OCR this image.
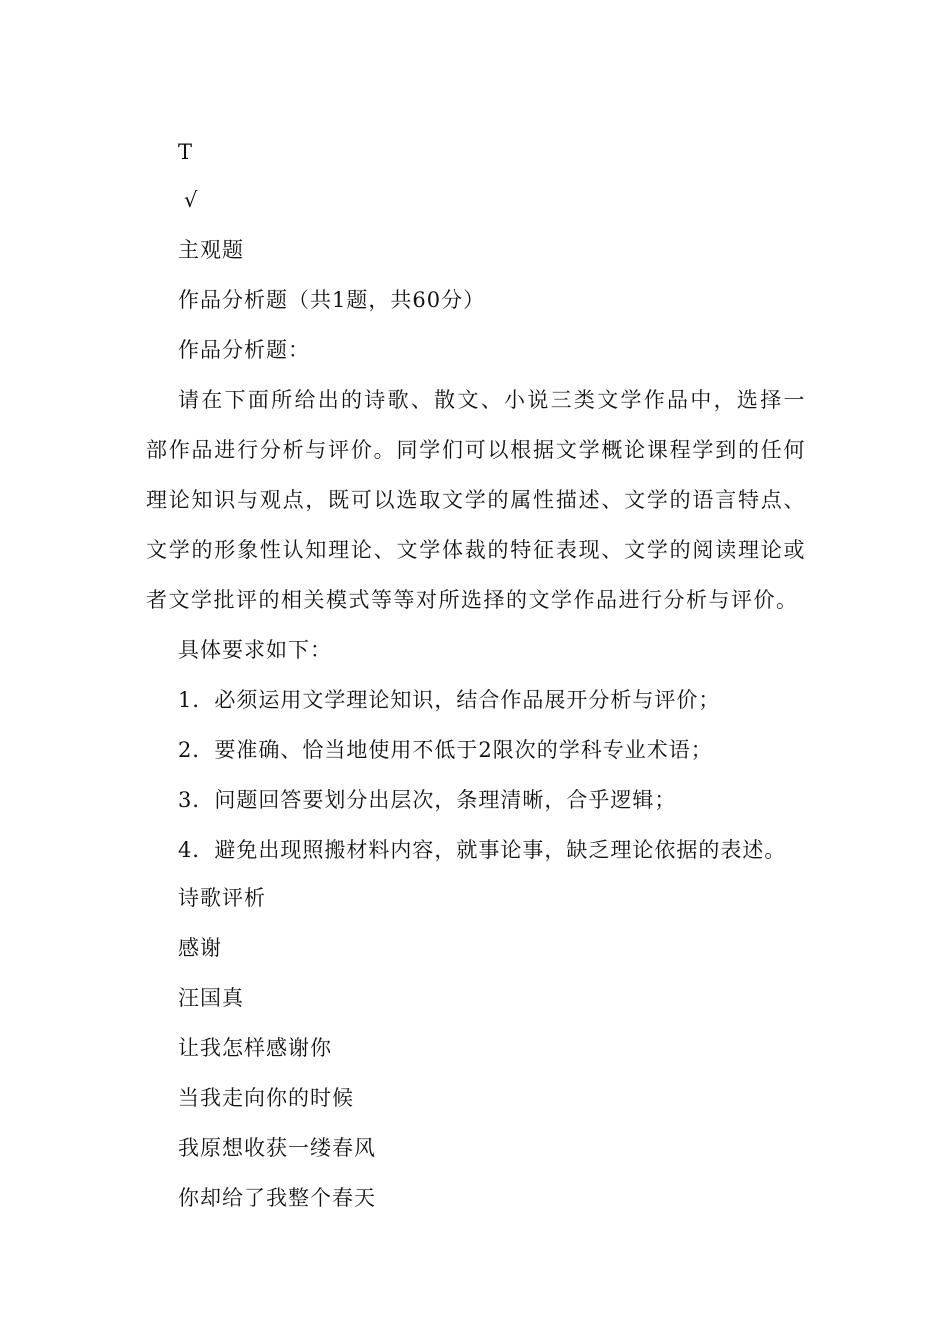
T
√
主观题
作品分析题（共1题，共60分）
作品分析题：
请在下面所给出的诗歌、散文、小说三类文学作品中，选择一部作品进行分析与评价。同学们可以根据文学概论课程学到的任何理论知识与观点，既可以选取文学的属性描述、文学的语言特点、文学的形象性认知理论、文学体裁的特征表现、文学的阅读理论或者文学批评的相关模式等等对所选择的文学作品进行分析与评价。
具体要求如下：
1．必须运用文学理论知识，结合作品展开分析与评价；
2．要准确、恰当地使用不低于2限次的学科专业术语；
3．问题回答要划分出层次，条理清晰，合乎逻辑；
4．避免出现照搬材料内容，就事论事，缺乏理论依据的表述。
诗歌评析
感谢
汪国真
让我怎样感谢你
当我走向你的时候
我原想收获一缕春风
你却给了我整个春天
